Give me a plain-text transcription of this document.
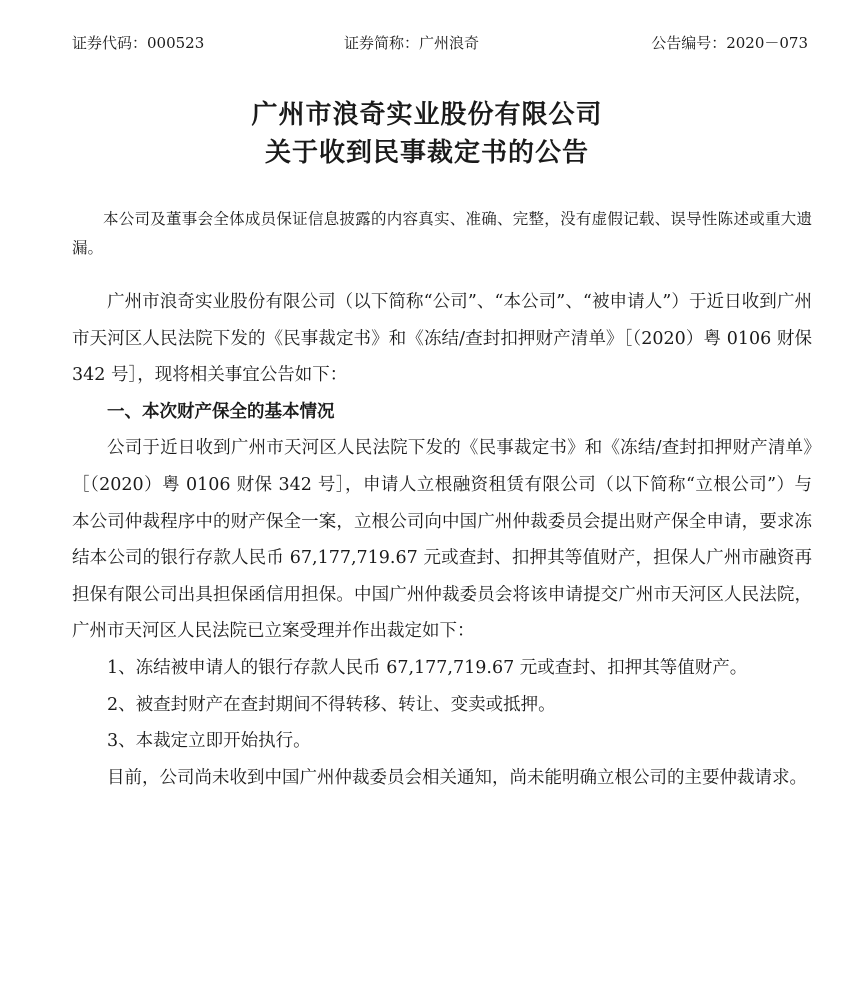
证券代码：000523	证券简称：广州浪奇	公告编号：2020－073
广州市浪奇实业股份有限公司
关于收到民事裁定书的公告
本公司及董事会全体成员保证信息披露的内容真实、准确、完整，没有虚假记载、误导性陈述或重大遗漏。

广州市浪奇实业股份有限公司（以下简称“公司”、“本公司”、“被申请人”）于近日收到广州市天河区人民法院下发的《民事裁定书》和《冻结/查封扣押财产清单》［（2020）粤 0106 财保 342 号］，现将相关事宜公告如下：

一、本次财产保全的基本情况

公司于近日收到广州市天河区人民法院下发的《民事裁定书》和《冻结/查封扣押财产清单》［（2020）粤 0106 财保 342 号］，申请人立根融资租赁有限公司（以下简称“立根公司”）与本公司仲裁程序中的财产保全一案，立根公司向中国广州仲裁委员会提出财产保全申请，要求冻结本公司的银行存款人民币 67,177,719.67 元或查封、扣押其等值财产，担保人广州市融资再担保有限公司出具担保函信用担保。中国广州仲裁委员会将该申请提交广州市天河区人民法院，广州市天河区人民法院已立案受理并作出裁定如下：

1、冻结被申请人的银行存款人民币 67,177,719.67 元或查封、扣押其等值财产。

2、被查封财产在查封期间不得转移、转让、变卖或抵押。

3、本裁定立即开始执行。

目前，公司尚未收到中国广州仲裁委员会相关通知，尚未能明确立根公司的主要仲裁请求。
